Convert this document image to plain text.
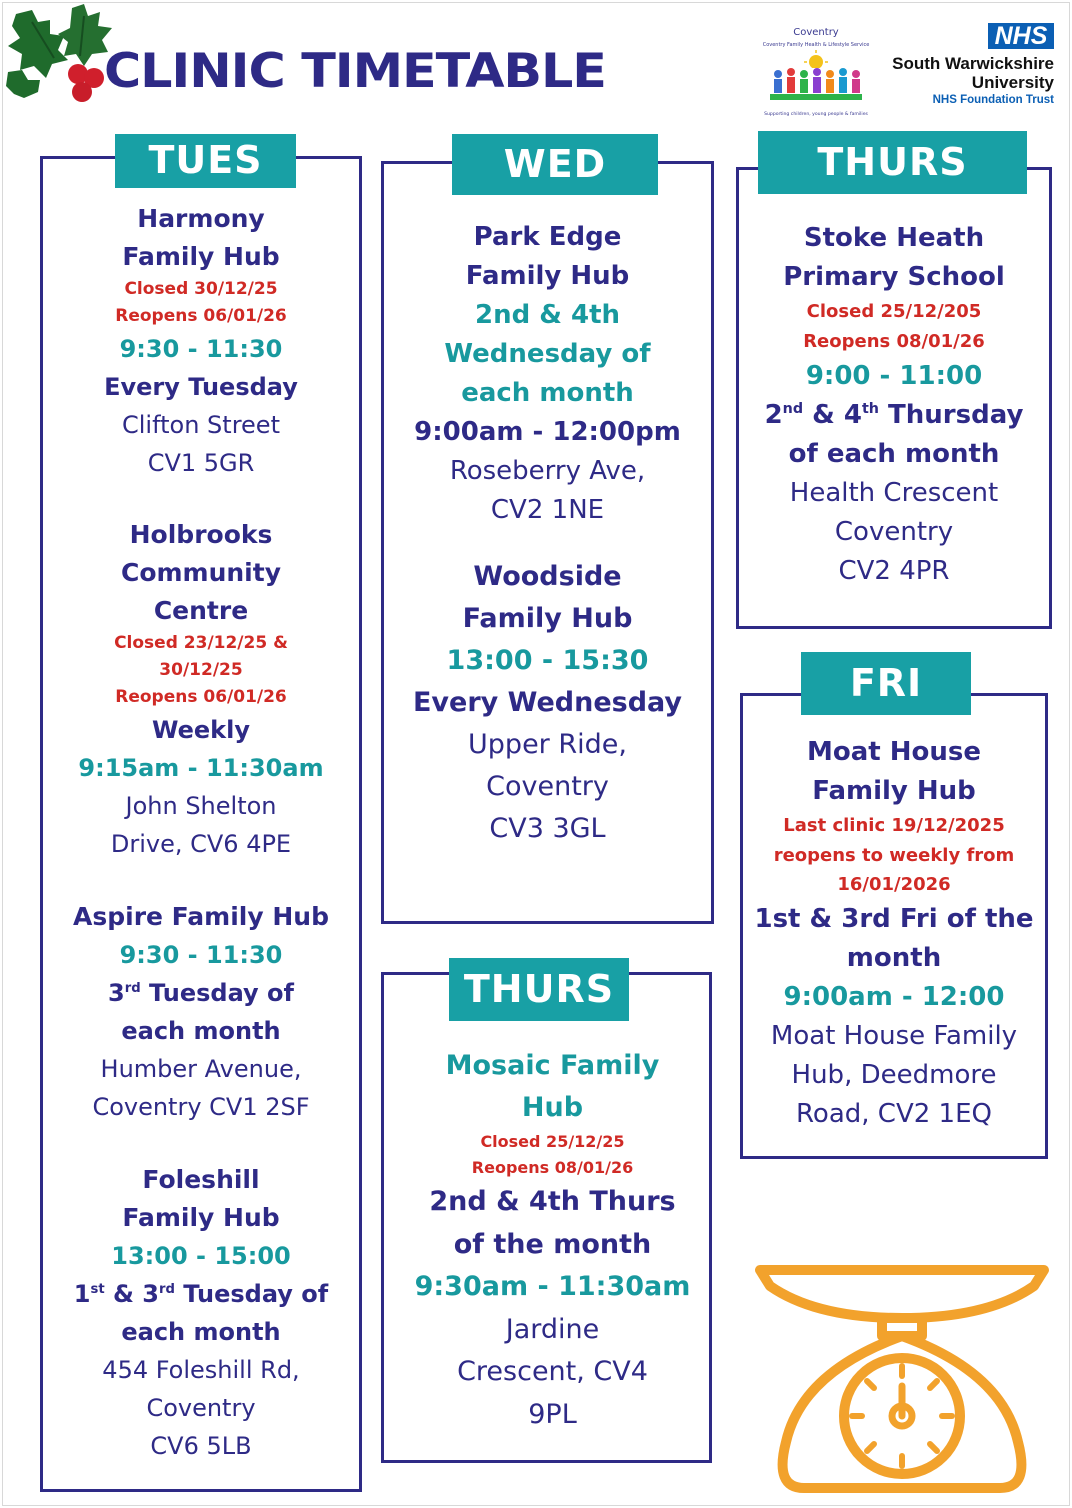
CLINIC TIMETABLE
Coventry
Coventry Family Health & Lifestyle Service
Supporting children, young people & families
NHS
South Warwickshire
University
NHS Foundation Trust
TUES
Harmony
Family Hub
Closed 30/12/25
Reopens 06/01/26
9:30 - 11:30
Every Tuesday
Clifton Street
CV1 5GR
Holbrooks
Community
Centre
Closed 23/12/25 &
30/12/25
Reopens 06/01/26
Weekly
9:15am - 11:30am
John Shelton
Drive, CV6 4PE
Aspire Family Hub
9:30 - 11:30
3rd Tuesday of
each month
Humber Avenue,
Coventry CV1 2SF
Foleshill
Family Hub
13:00 - 15:00
1st & 3rd Tuesday of
each month
454 Foleshill Rd,
Coventry
CV6 5LB
WED
Park Edge
Family Hub
2nd & 4th
Wednesday of
each month
9:00am - 12:00pm
Roseberry Ave,
CV2 1NE
Woodside
Family Hub
13:00 - 15:30
Every Wednesday
Upper Ride,
Coventry
CV3 3GL
THURS
Stoke Heath
Primary School
Closed 25/12/205
Reopens 08/01/26
9:00 - 11:00
2nd & 4th Thursday
of each month
Health Crescent
Coventry
CV2 4PR
FRI
Moat House
Family Hub
Last clinic 19/12/2025
reopens to weekly from
16/01/2026
1st & 3rd Fri of the
month
9:00am - 12:00
Moat House Family
Hub, Deedmore
Road, CV2 1EQ
THURS
Mosaic Family
Hub
Closed 25/12/25
Reopens 08/01/26
2nd & 4th Thurs
of the month
9:30am - 11:30am
Jardine
Crescent, CV4
9PL
